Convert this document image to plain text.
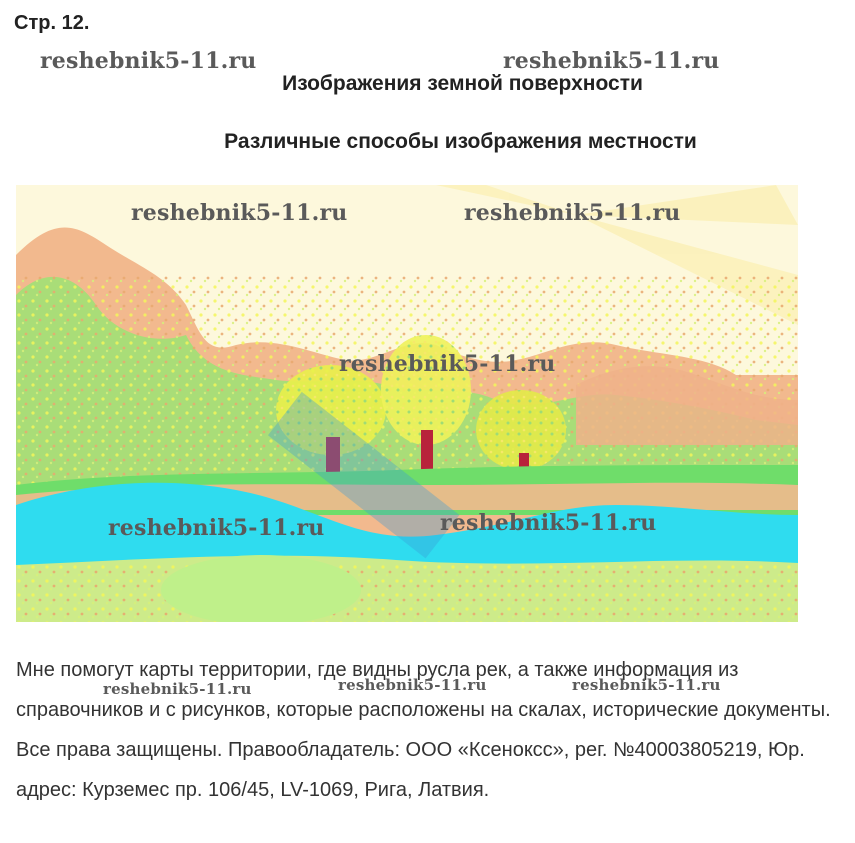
Стр. 12.
reshebnik5-11.ru	reshebnik5-11.ru
Изображения земной поверхности
Различные способы изображения местности
reshebnik5-11.ru	reshebnik5-11.ru
reshebnik5-11.ru
reshebnik5-11.ru	reshebnik5-11.ru

Мне помогут карты территории, где видны русла рек, а также информация из справочников и с рисунков, которые расположены на скалах, исторические документы. Все права защищены. Правообладатель: ООО «Ксенокcс», рег. №40003805219, Юр. адрес: Курземес пр. 106/45, LV-1069, Рига, Латвия.

reshebnik5-11.ru	reshebnik5-11.ru	reshebnik5-11.ru
